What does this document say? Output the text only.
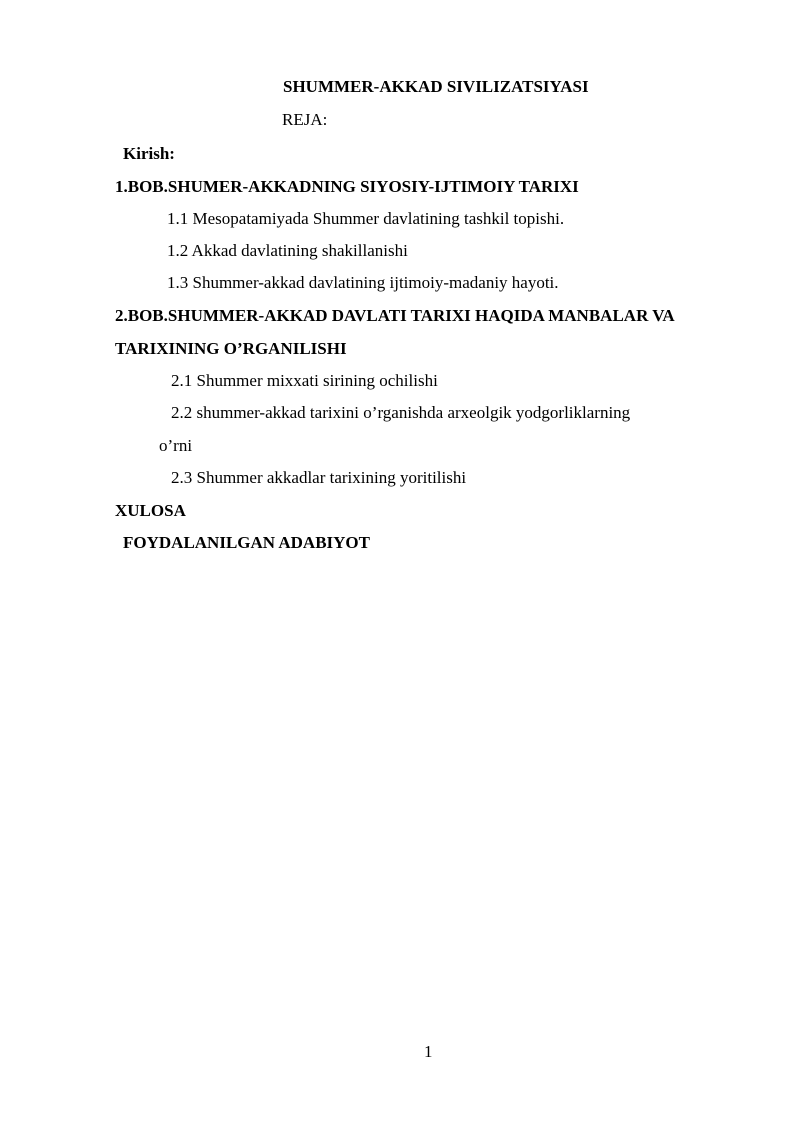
SHUMMER-AKKAD SIVILIZATSIYASI
REJA:
Kirish:
1.BOB.SHUMER-AKKADNING SIYOSIY-IJTIMOIY TARIXI
1.1 Mesopatamiyada Shummer davlatining tashkil topishi.
1.2 Akkad davlatining shakillanishi
1.3 Shummer-akkad davlatining ijtimoiy-madaniy hayoti.
2.BOB.SHUMMER-AKKAD DAVLATI TARIXI HAQIDA MANBALAR VA
TARIXINING O’RGANILISHI
2.1 Shummer mixxati sirining ochilishi
2.2 shummer-akkad tarixini o’rganishda arxeolgik yodgorliklarning
o’rni
2.3 Shummer akkadlar tarixining yoritilishi
XULOSA
FOYDALANILGAN ADABIYOT
1
